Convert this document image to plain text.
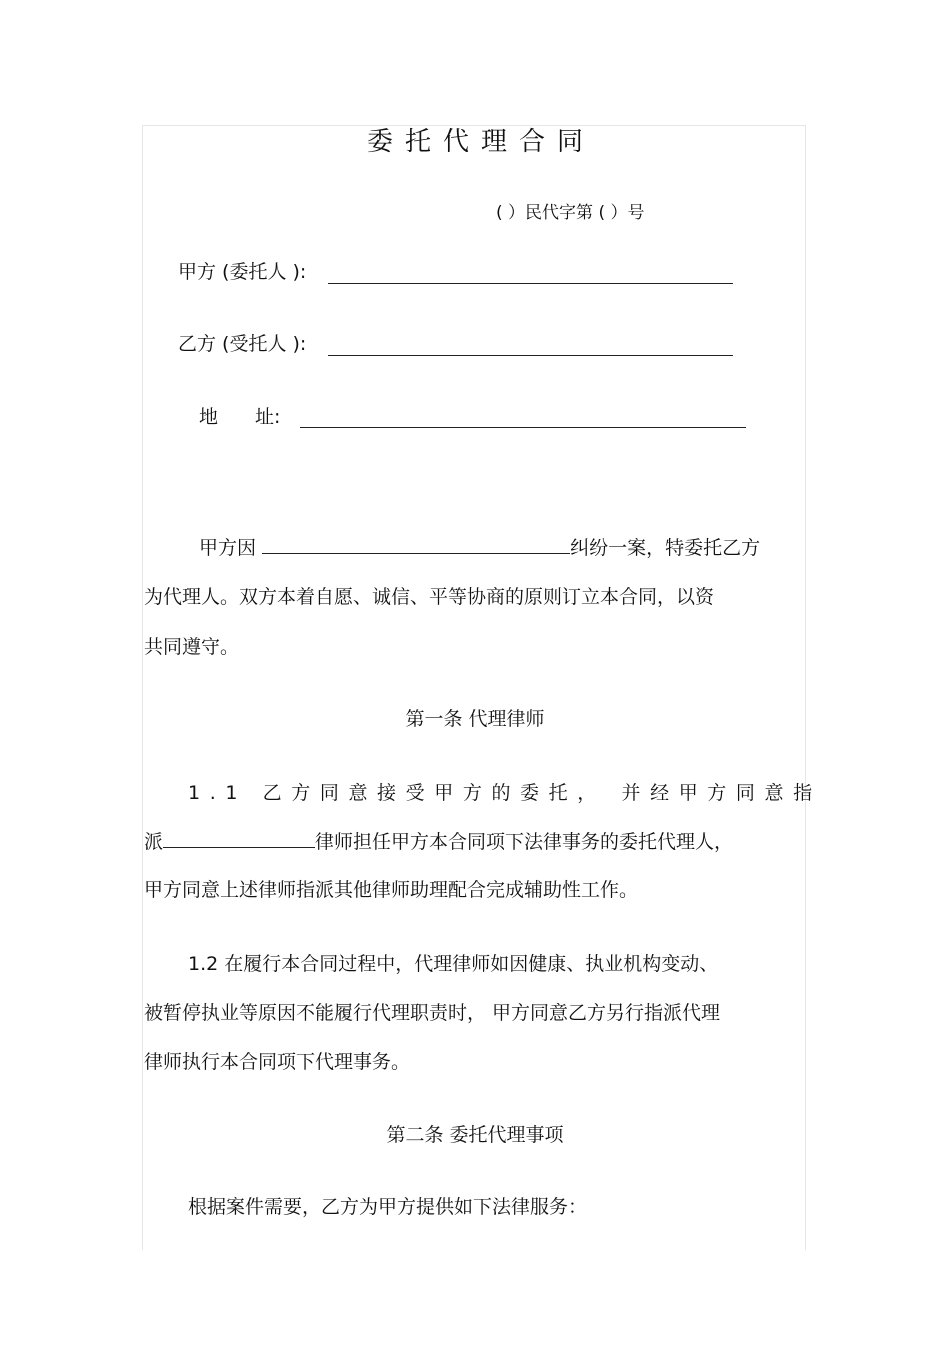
委托代理合同
( ）民代字第 ( ）号
甲方 (委托人 ):
乙方 (受托人 ):
地 址:
甲方因	纠纷一案，特委托乙方
为代理人。双方本着自愿、诚信、平等协商的原则订立本合同，以资
共同遵守。
第一条 代理律师
1.1 乙方同意接受甲方的委托， 并经甲方同意指
派	律师担任甲方本合同项下法律事务的委托代理人，
甲方同意上述律师指派其他律师助理配合完成辅助性工作。
1.2 在履行本合同过程中，代理律师如因健康、执业机构变动、
被暂停执业等原因不能履行代理职责时， 甲方同意乙方另行指派代理
律师执行本合同项下代理事务。
第二条 委托代理事项
根据案件需要，乙方为甲方提供如下法律服务：
